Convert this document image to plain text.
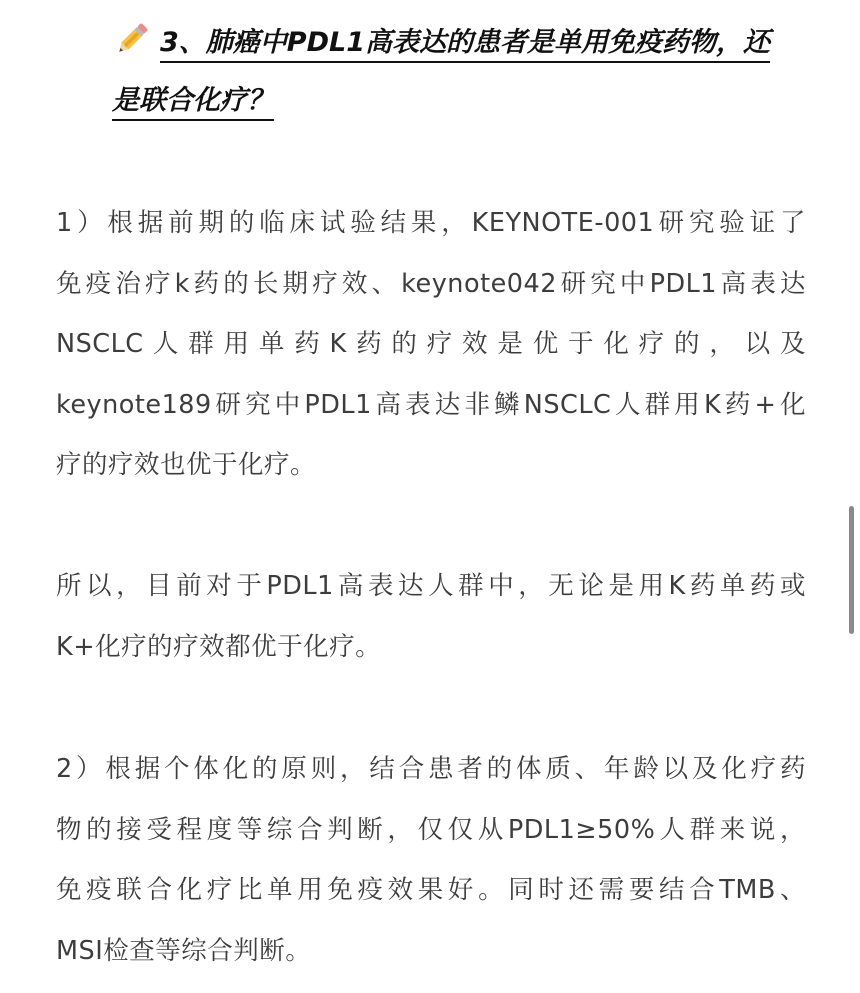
3、肺癌中PDL1高表达的患者是单用免疫药物，还
是联合化疗？
1）根据前期的临床试验结果，KEYNOTE-001研究验证了
免疫治疗k药的长期疗效、keynote042研究中PDL1高表达
NSCLC人群用单药K药的疗效是优于化疗的，以及
keynote189研究中PDL1高表达非鳞NSCLC人群用K药+化
疗的疗效也优于化疗。
所以，目前对于PDL1高表达人群中，无论是用K药单药或
K+化疗的疗效都优于化疗。
2）根据个体化的原则，结合患者的体质、年龄以及化疗药
物的接受程度等综合判断，仅仅从PDL1≥50%人群来说，
免疫联合化疗比单用免疫效果好。同时还需要结合TMB、
MSI检查等综合判断。
